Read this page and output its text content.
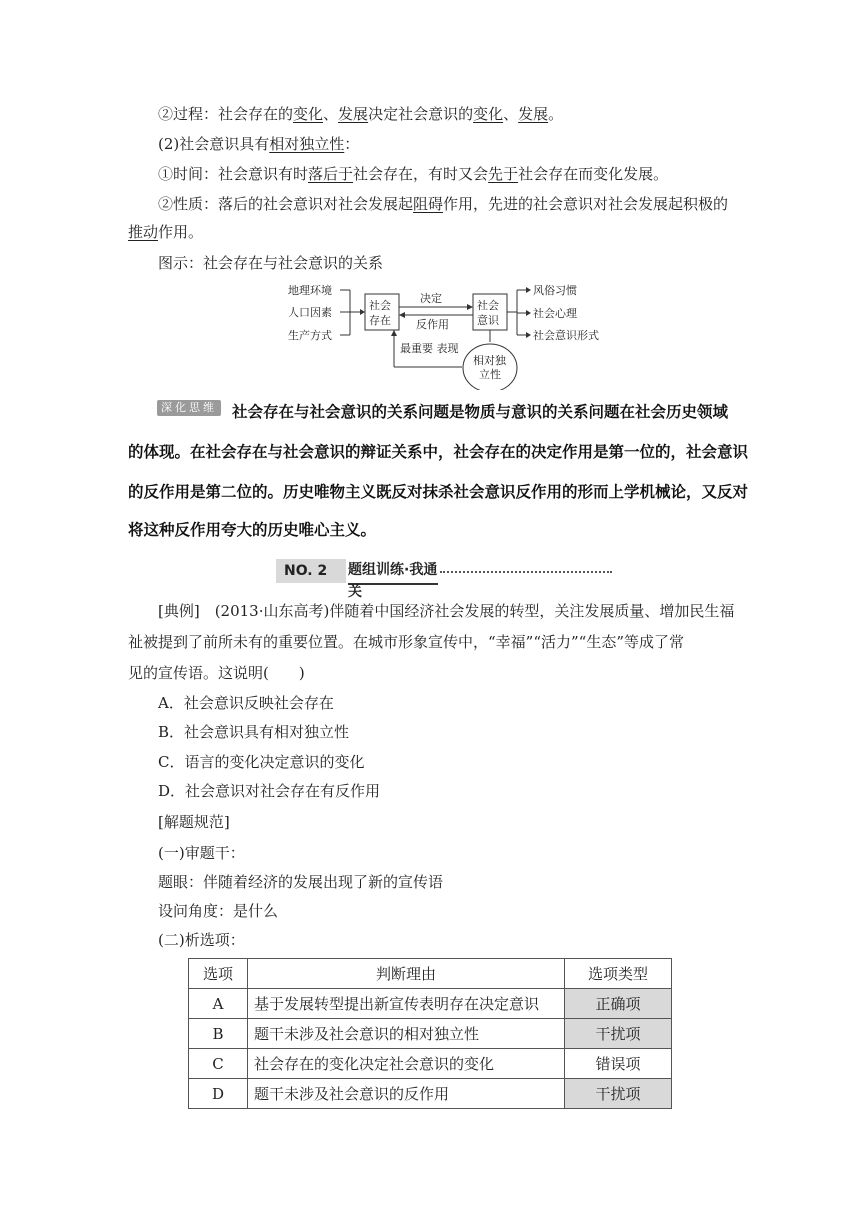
②过程：社会存在的变化、发展决定社会意识的变化、发展。
(2)社会意识具有相对独立性：
①时间：社会意识有时落后于社会存在，有时又会先于社会存在而变化发展。
②性质：落后的社会意识对社会发展起阻碍作用，先进的社会意识对社会发展起积极的
推动作用。
图示：社会存在与社会意识的关系
地理环境
人口因素
生产方式
社会
存在
决定
反作用
社会
意识
风俗习惯
社会心理
社会意识形式
最重要 表现
相对独
立性
深化思维 社会存在与社会意识的关系问题是物质与意识的关系问题在社会历史领域
的体现。在社会存在与社会意识的辩证关系中，社会存在的决定作用是第一位的，社会意识
的反作用是第二位的。历史唯物主义既反对抹杀社会意识反作用的形而上学机械论，又反对
将这种反作用夸大的历史唯心主义。
NO. 2	题组训练·我通关
[典例]　(2013·山东高考)伴随着中国经济社会发展的转型，关注发展质量、增加民生福
祉被提到了前所未有的重要位置。在城市形象宣传中，“幸福”“活力”“生态”等成了常
见的宣传语。这说明(　　)
A．社会意识反映社会存在
B．社会意识具有相对独立性
C．语言的变化决定意识的变化
D．社会意识对社会存在有反作用
[解题规范]
(一)审题干：
题眼：伴随着经济的发展出现了新的宣传语
设问角度：是什么
(二)析选项：
选项	判断理由	选项类型
A	基于发展转型提出新宣传表明存在决定意识	正确项
B	题干未涉及社会意识的相对独立性	干扰项
C	社会存在的变化决定社会意识的变化	错误项
D	题干未涉及社会意识的反作用	干扰项
